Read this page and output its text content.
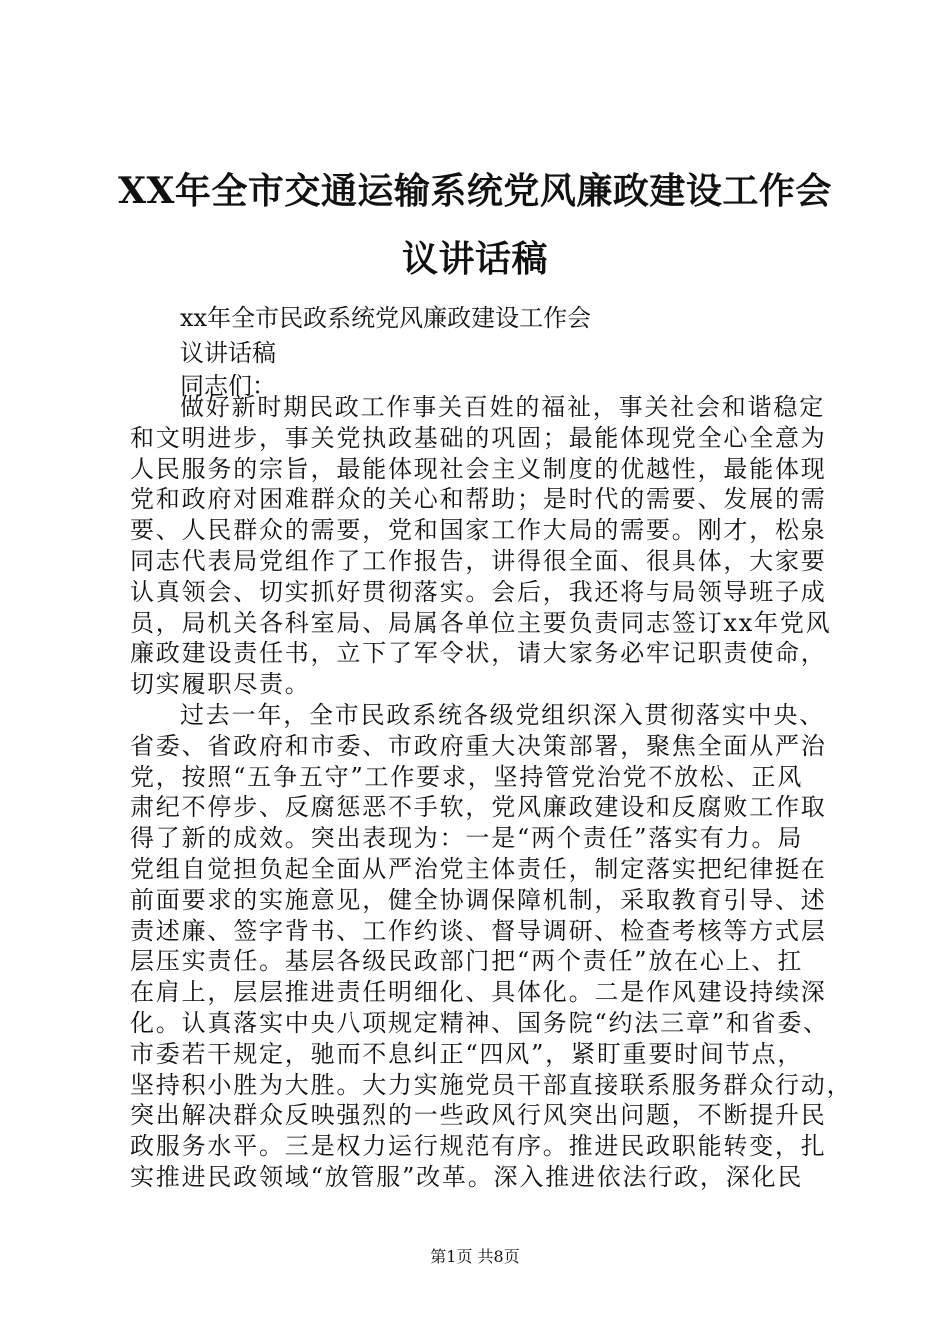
XX年全市交通运输系统党风廉政建设工作会
议讲话稿
xx年全市民政系统党风廉政建设工作会
议讲话稿
同志们：
做好新时期民政工作事关百姓的福祉，事关社会和谐稳定
和文明进步，事关党执政基础的巩固；最能体现党全心全意为
人民服务的宗旨，最能体现社会主义制度的优越性，最能体现
党和政府对困难群众的关心和帮助；是时代的需要、发展的需
要、人民群众的需要，党和国家工作大局的需要。刚才，松泉
同志代表局党组作了工作报告，讲得很全面、很具体，大家要
认真领会、切实抓好贯彻落实。会后，我还将与局领导班子成
员，局机关各科室局、局属各单位主要负责同志签订xx年党风
廉政建设责任书，立下了军令状，请大家务必牢记职责使命，
切实履职尽责。
过去一年，全市民政系统各级党组织深入贯彻落实中央、
省委、省政府和市委、市政府重大决策部署，聚焦全面从严治
党，按照“五争五守”工作要求，坚持管党治党不放松、正风
肃纪不停步、反腐惩恶不手软，党风廉政建设和反腐败工作取
得了新的成效。突出表现为：一是“两个责任”落实有力。局
党组自觉担负起全面从严治党主体责任，制定落实把纪律挺在
前面要求的实施意见，健全协调保障机制，采取教育引导、述
责述廉、签字背书、工作约谈、督导调研、检查考核等方式层
层压实责任。基层各级民政部门把“两个责任”放在心上、扛
在肩上，层层推进责任明细化、具体化。二是作风建设持续深
化。认真落实中央八项规定精神、国务院“约法三章”和省委、
市委若干规定，驰而不息纠正“四风”，紧盯重要时间节点，
坚持积小胜为大胜。大力实施党员干部直接联系服务群众行动，
突出解决群众反映强烈的一些政风行风突出问题，不断提升民
政服务水平。三是权力运行规范有序。推进民政职能转变，扎
实推进民政领域“放管服”改革。深入推进依法行政，深化民
第1页 共8页
